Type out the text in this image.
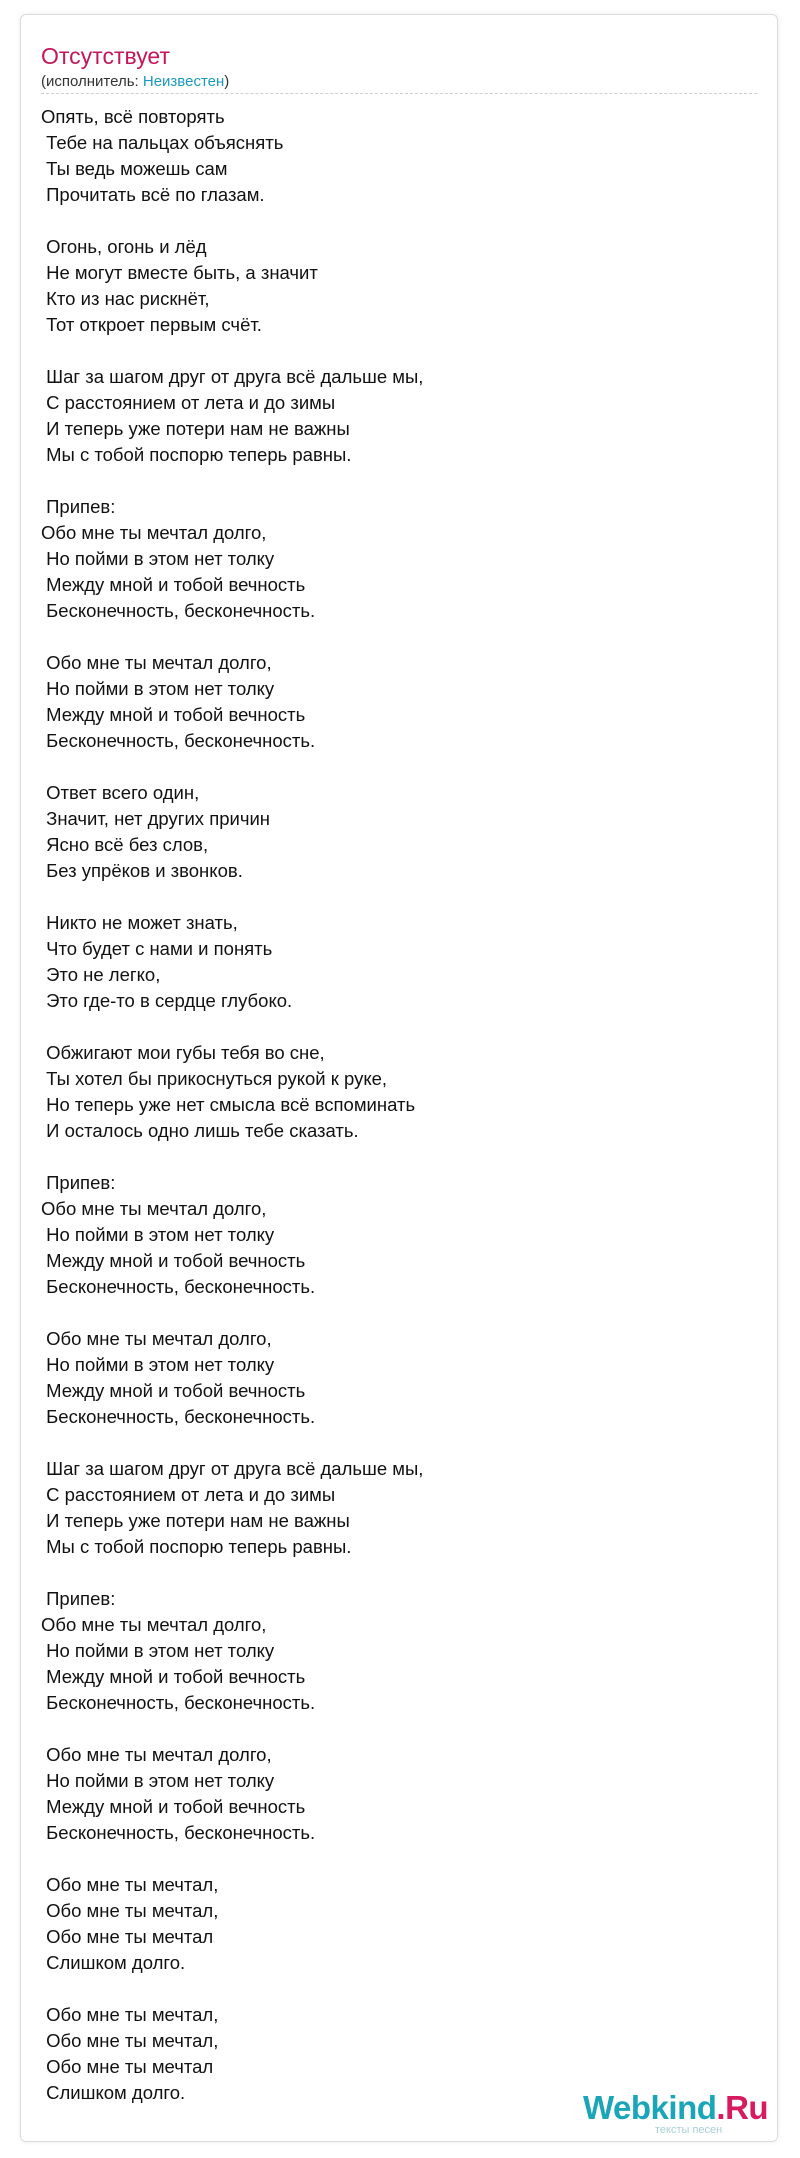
Отсутствует
(исполнитель: Неизвестен)
Опять, всё повторять
Тебе на пальцах объяснять
Ты ведь можешь сам
Прочитать всё по глазам.
Огонь, огонь и лёд
Не могут вместе быть, а значит
Кто из нас рискнёт,
Тот откроет первым счёт.
Шаг за шагом друг от друга всё дальше мы,
С расстоянием от лета и до зимы
И теперь уже потери нам не важны
Мы с тобой поспорю теперь равны.
Припев:
Обо мне ты мечтал долго,
Но пойми в этом нет толку
Между мной и тобой вечность
Бесконечность, бесконечность.
Обо мне ты мечтал долго,
Но пойми в этом нет толку
Между мной и тобой вечность
Бесконечность, бесконечность.
Ответ всего один,
Значит, нет других причин
Ясно всё без слов,
Без упрёков и звонков.
Никто не может знать,
Что будет с нами и понять
Это не легко,
Это где-то в сердце глубоко.
Обжигают мои губы тебя во сне,
Ты хотел бы прикоснуться рукой к руке,
Но теперь уже нет смысла всё вспоминать
И осталось одно лишь тебе сказать.
Припев:
Обо мне ты мечтал долго,
Но пойми в этом нет толку
Между мной и тобой вечность
Бесконечность, бесконечность.
Обо мне ты мечтал долго,
Но пойми в этом нет толку
Между мной и тобой вечность
Бесконечность, бесконечность.
Шаг за шагом друг от друга всё дальше мы,
С расстоянием от лета и до зимы
И теперь уже потери нам не важны
Мы с тобой поспорю теперь равны.
Припев:
Обо мне ты мечтал долго,
Но пойми в этом нет толку
Между мной и тобой вечность
Бесконечность, бесконечность.
Обо мне ты мечтал долго,
Но пойми в этом нет толку
Между мной и тобой вечность
Бесконечность, бесконечность.
Обо мне ты мечтал,
Обо мне ты мечтал,
Обо мне ты мечтал
Слишком долго.
Обо мне ты мечтал,
Обо мне ты мечтал,
Обо мне ты мечтал
Слишком долго.	Webkind.Ru
тексты песен
